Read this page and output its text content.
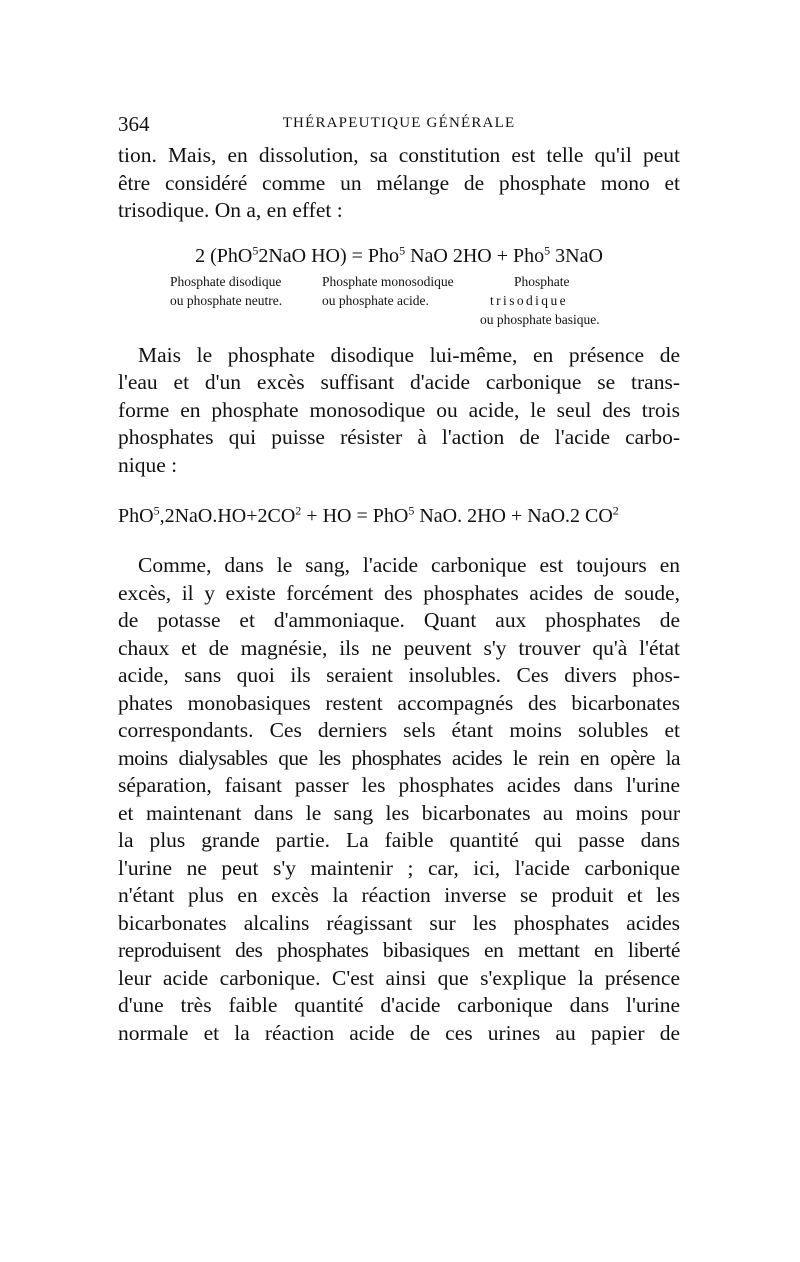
364	THÉRAPEUTIQUE GÉNÉRALE

tion. Mais, en dissolution, sa constitution est telle qu'il peut
être considéré comme un mélange de phosphate mono et
trisodique. On a, en effet :

2 (PhO$^5$2NaO HO) = Pho$^5$ NaO 2HO + Pho$^5$ 3NaO
Phosphate disodique
ou phosphate neutre.
Phosphate monosodique
ou phosphate acide.
Phosphate
trisodique
ou phosphate basique.

Mais le phosphate disodique lui-même, en présence de
l'eau et d'un excès suffisant d'acide carbonique se trans-
forme en phosphate monosodique ou acide, le seul des trois
phosphates qui puisse résister à l'action de l'acide carbo-
nique :

$PhO^5,2NaO.HO+2CO^2$ + HO = PhO$^5$ NaO. 2HO + NaO.2 $CO^2$

Comme, dans le sang, l'acide carbonique est toujours en
excès, il y existe forcément des phosphates acides de soude,
de potasse et d'ammoniaque. Quant aux phosphates de
chaux et de magnésie, ils ne peuvent s'y trouver qu'à l'état
acide, sans quoi ils seraient insolubles. Ces divers phos-
phates monobasiques restent accompagnés des bicarbonates
correspondants. Ces derniers sels étant moins solubles et
moins dialysables que les phosphates acides le rein en opère la
séparation, faisant passer les phosphates acides dans l'urine
et maintenant dans le sang les bicarbonates au moins pour
la plus grande partie. La faible quantité qui passe dans
l'urine ne peut s'y maintenir ; car, ici, l'acide carbonique
n'étant plus en excès la réaction inverse se produit et les
bicarbonates alcalins réagissant sur les phosphates acides
reproduisent des phosphates bibasiques en mettant en liberté
leur acide carbonique. C'est ainsi que s'explique la présence
d'une très faible quantité d'acide carbonique dans l'urine
normale et la réaction acide de ces urines au papier de
